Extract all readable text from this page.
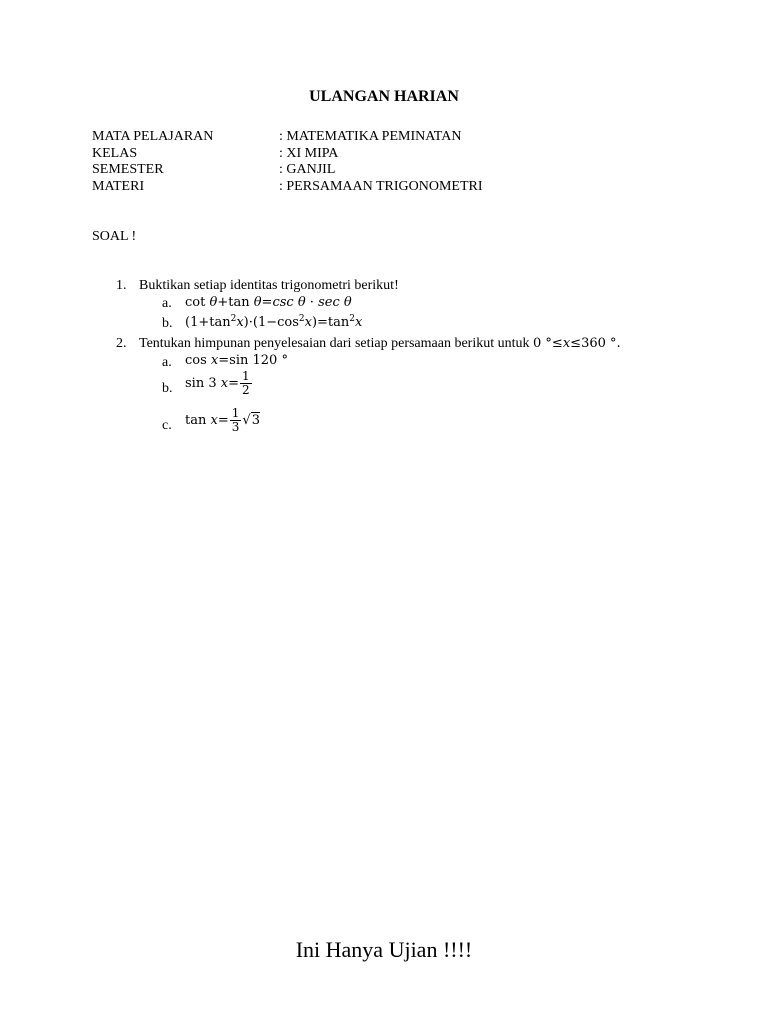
ULANGAN HARIAN
MATA PELAJARAN	: MATEMATIKA PEMINATAN
KELAS	: XI MIPA
SEMESTER	: GANJIL
MATERI	: PERSAMAAN TRIGONOMETRI
SOAL !
1. Buktikan setiap identitas trigonometri berikut!
a. cot θ+tan θ=csc θ · sec θ
b. $(1+\tan^2x)\cdot(1-\cos^2x)=\tan^2x$
2. Tentukan himpunan penyelesaian dari setiap persamaan berikut untuk 0 °≤x≤360 °.
a. cos x=sin 120 °
b. sin 3 $x= \frac{1}{2}$
c. $\tan x= \frac{1}{3} √3$
Ini Hanya Ujian !!!!
